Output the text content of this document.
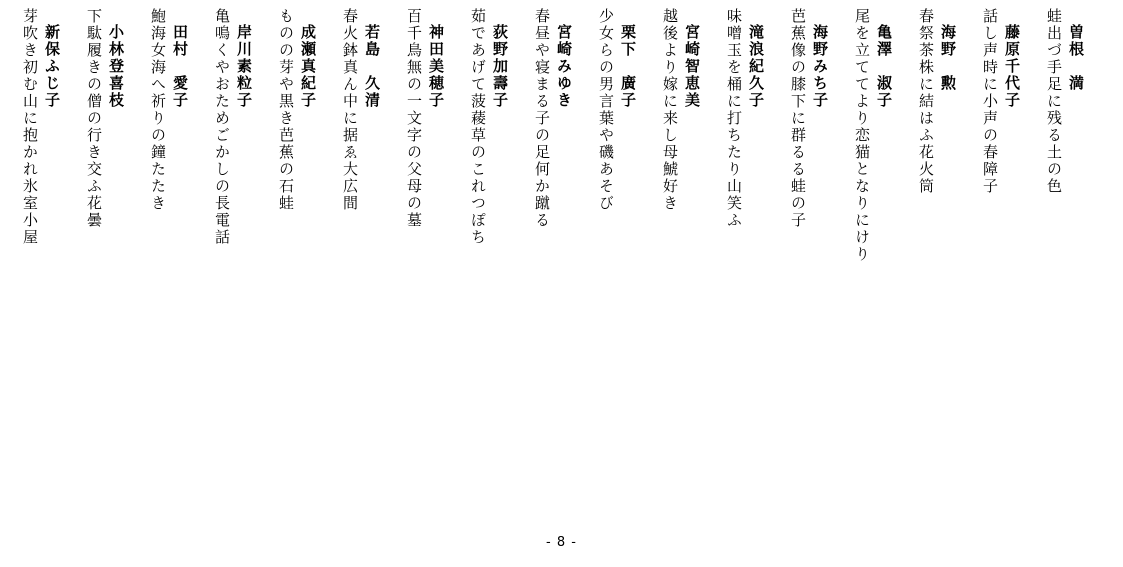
曽根　満
蛙出づ手足に残る土の色
藤原千代子
話し声時に小声の春障子
海野　勲
春祭茶株に結はふ花火筒
亀澤　淑子
尾を立ててより恋猫となりにけり
海野みち子
芭蕉像の膝下に群るる蛙の子
滝浪紀久子
味噌玉を桶に打ちたり山笑ふ
宮崎智恵美
越後より嫁に来し母鯱好き
栗下　廣子
少女らの男言葉や磯あそび
宮崎みゆき
春昼や寝まる子の足何か蹴る
荻野加壽子
茹であげて菠薐草のこれつぽち
神田美穂子
百千鳥無の一文字の父母の墓
若島　久清
春火鉢真ん中に据ゑ大広間
成瀬真紀子
ものの芽や黒き芭蕉の石蛙
岸川素粒子
亀鳴くやおためごかしの長電話
田村　愛子
鮑海女海へ祈りの鐘たたき
小林登喜枝
下駄履きの僧の行き交ふ花曇
新保ふじ子
芽吹き初む山に抱かれ氷室小屋
- 8 -
